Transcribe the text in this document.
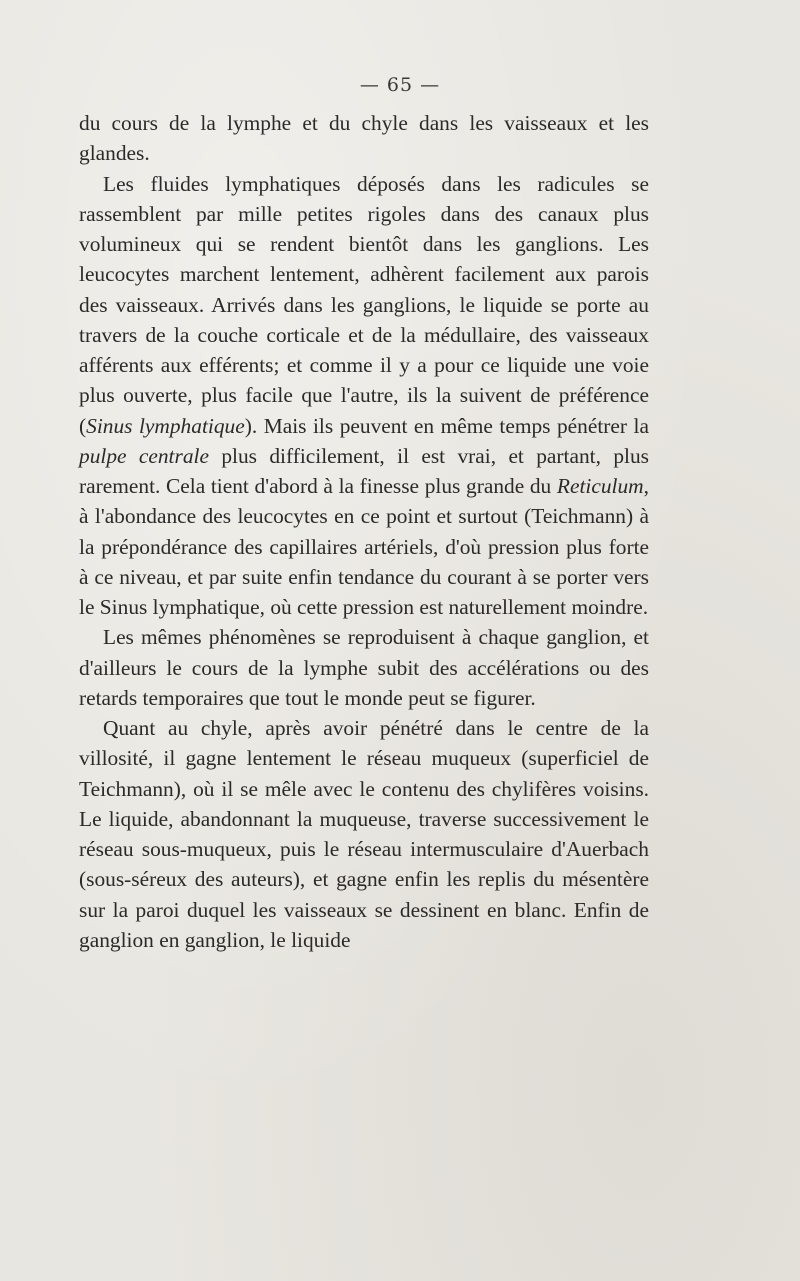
— 65 —

du cours de la lymphe et du chyle dans les vaisseaux et les glandes.

Les fluides lymphatiques déposés dans les radicules se rassemblent par mille petites rigoles dans des canaux plus volumineux qui se rendent bientôt dans les ganglions. Les leucocytes marchent lentement, adhèrent facilement aux parois des vaisseaux. Arrivés dans les ganglions, le liquide se porte au travers de la couche corticale et de la médullaire, des vaisseaux afférents aux efférents; et comme il y a pour ce liquide une voie plus ouverte, plus facile que l'autre, ils la suivent de préférence (Sinus lymphatique). Mais ils peuvent en même temps pénétrer la pulpe centrale plus difficilement, il est vrai, et partant, plus rarement. Cela tient d'abord à la finesse plus grande du Reticulum, à l'abondance des leucocytes en ce point et surtout (Teichmann) à la prépondérance des capillaires artériels, d'où pression plus forte à ce niveau, et par suite enfin tendance du courant à se porter vers le Sinus lymphatique, où cette pression est naturellement moindre.

Les mêmes phénomènes se reproduisent à chaque ganglion, et d'ailleurs le cours de la lymphe subit des accélérations ou des retards temporaires que tout le monde peut se figurer.

Quant au chyle, après avoir pénétré dans le centre de la villosité, il gagne lentement le réseau muqueux (superficiel de Teichmann), où il se mêle avec le contenu des chylifères voisins. Le liquide, abandonnant la muqueuse, traverse successivement le réseau sous-muqueux, puis le réseau intermusculaire d'Auerbach (sous-séreux des auteurs), et gagne enfin les replis du mésentère sur la paroi duquel les vaisseaux se dessinent en blanc. Enfin de ganglion en ganglion, le liquide
